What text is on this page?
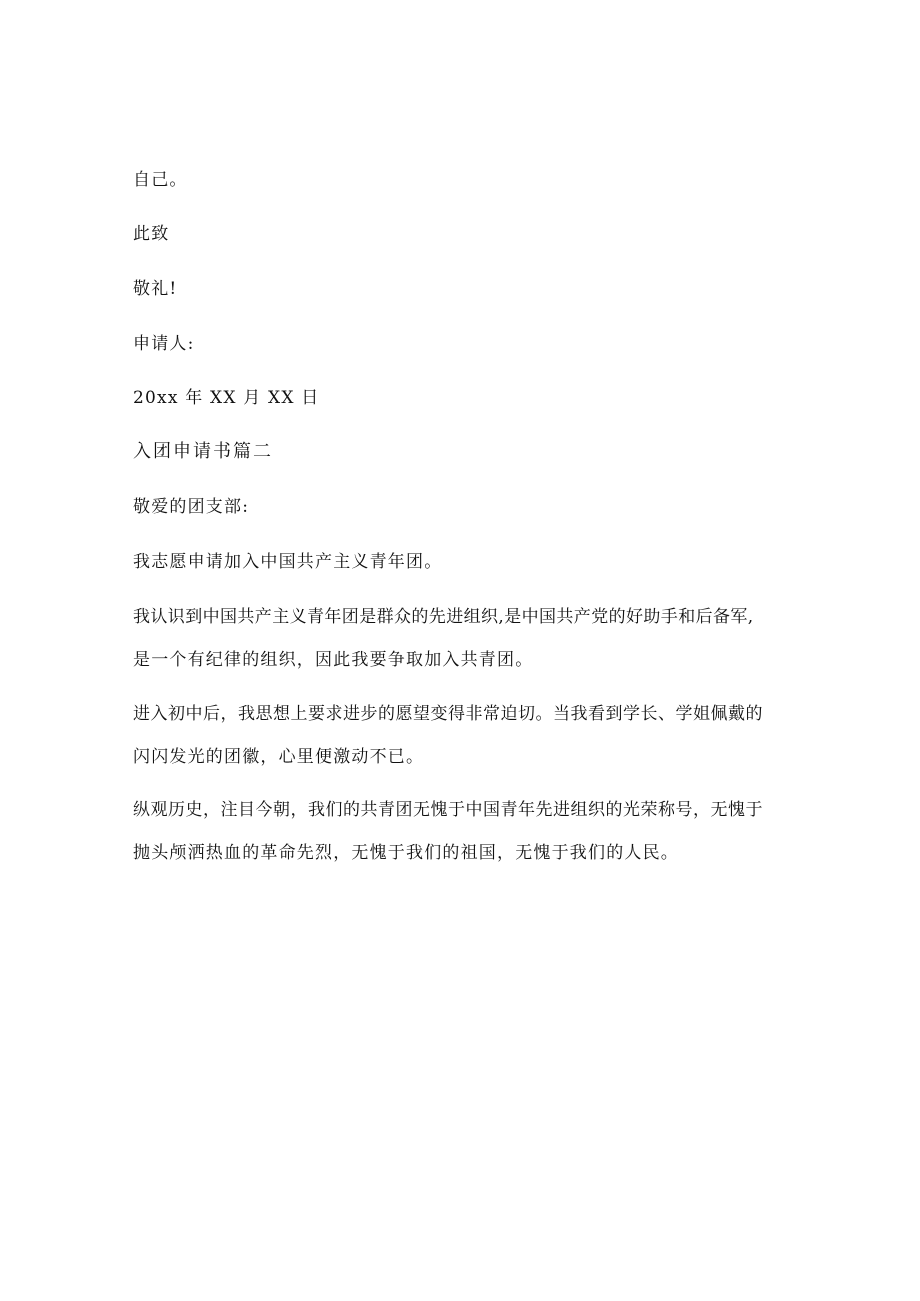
自己。
此致
敬礼!
申请人:
20xx 年 XX 月 XX 日
入团申请书篇二
敬爱的团支部:
我志愿申请加入中国共产主义青年团。
我认识到中国共产主义青年团是群众的先进组织,是中国共产党的好助手和后备军,
是一个有纪律的组织，因此我要争取加入共青团。
进入初中后，我思想上要求进步的愿望变得非常迫切。当我看到学长、学姐佩戴的
闪闪发光的团徽，心里便激动不已。
纵观历史，注目今朝，我们的共青团无愧于中国青年先进组织的光荣称号，无愧于
抛头颅洒热血的革命先烈，无愧于我们的祖国，无愧于我们的人民。
